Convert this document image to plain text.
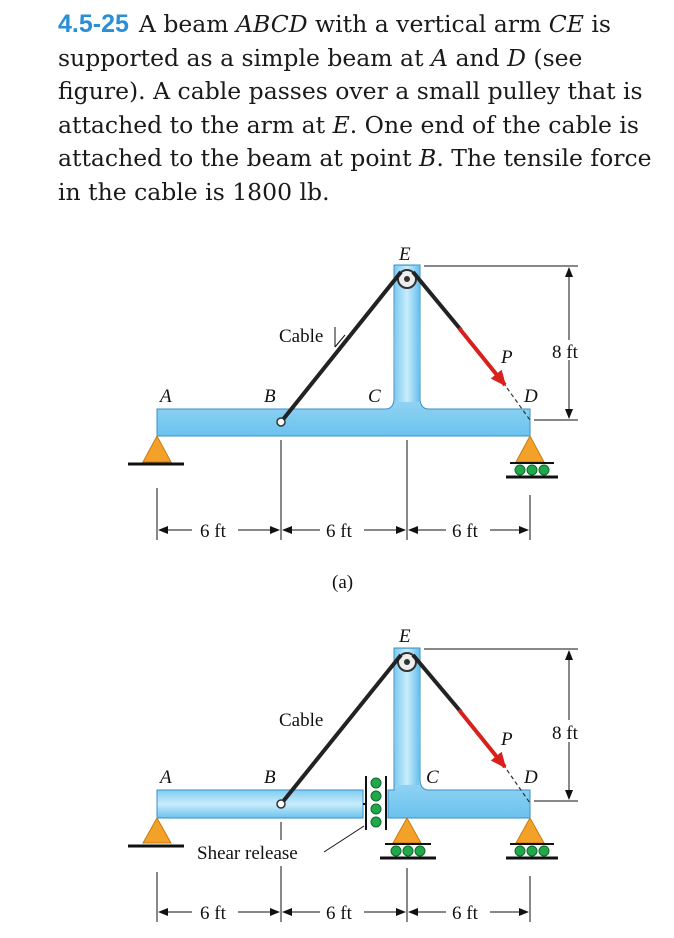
4.5-25 A beam ABCD with a vertical arm CE is supported as a simple beam at A and D (see figure). A cable passes over a small pulley that is attached to the arm at E. One end of the cable is attached to the beam at point B. The tensile force in the cable is 1800 lb.
A	B	C	D
E
P
Cable
8 ft
6 ft	6 ft	6 ft
(a)
A	B	C	D
E
P
Cable
8 ft
Shear release
6 ft	6 ft	6 ft
